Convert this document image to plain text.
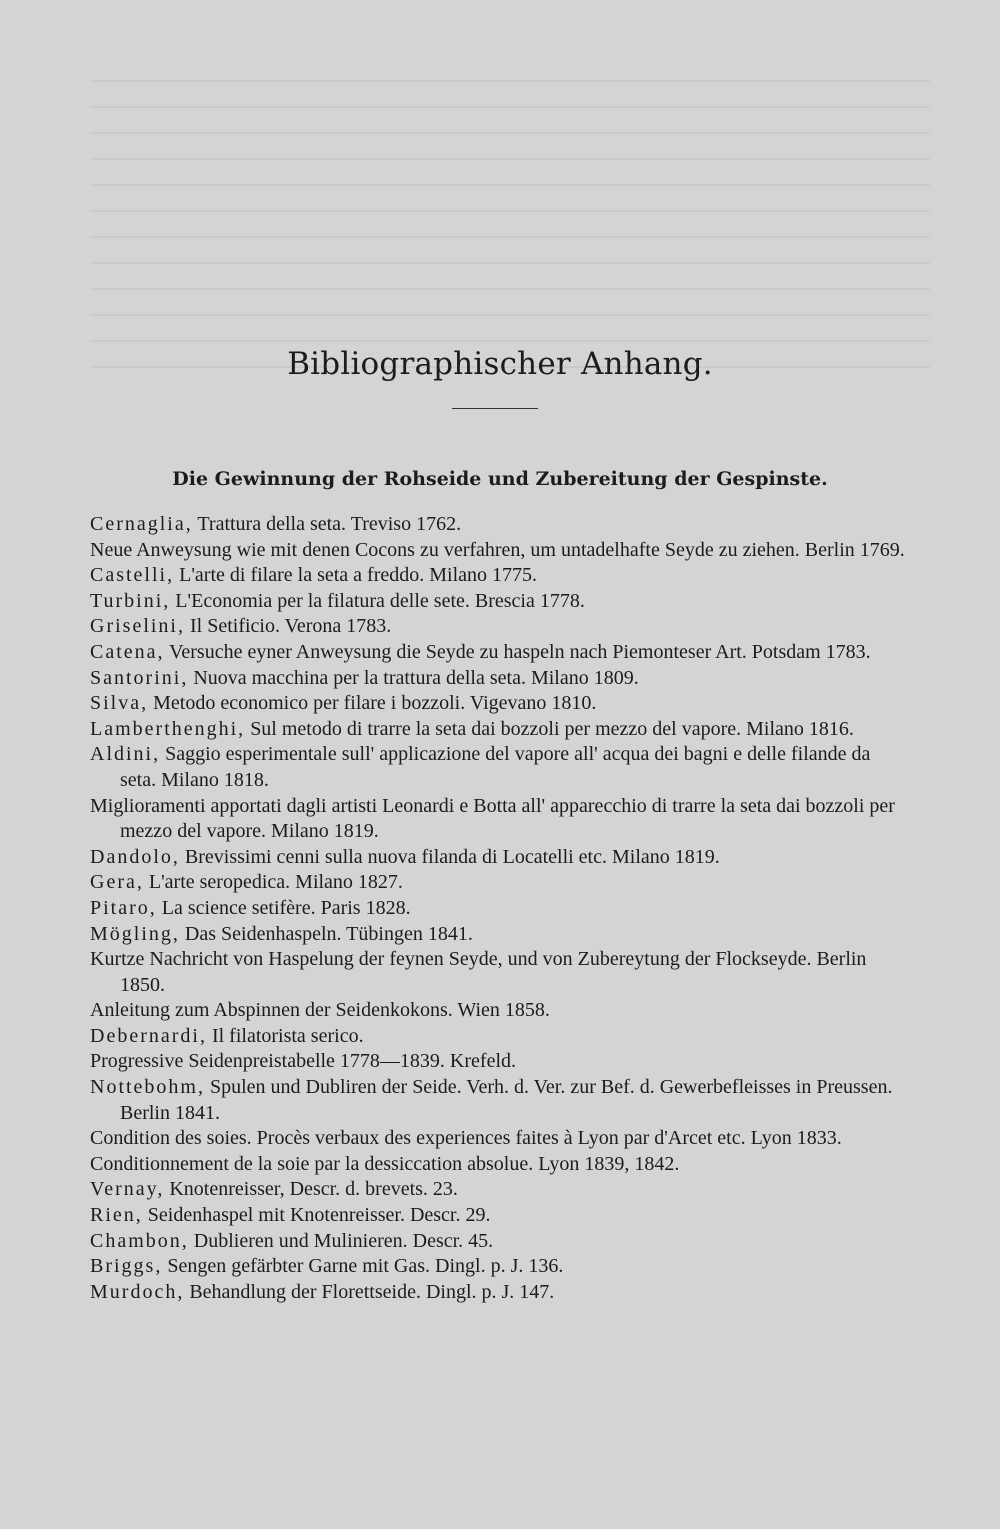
Bibliographischer Anhang.
Die Gewinnung der Rohseide und Zubereitung der Gespinste.
Cernaglia, Trattura della seta. Treviso 1762.
Neue Anweysung wie mit denen Cocons zu verfahren, um untadelhafte Seyde zu ziehen. Berlin 1769.
Castelli, L'arte di filare la seta a freddo. Milano 1775.
Turbini, L'Economia per la filatura delle sete. Brescia 1778.
Griselini, Il Setificio. Verona 1783.
Catena, Versuche eyner Anweysung die Seyde zu haspeln nach Piemonteser Art. Potsdam 1783.
Santorini, Nuova macchina per la trattura della seta. Milano 1809.
Silva, Metodo economico per filare i bozzoli. Vigevano 1810.
Lamberthenghi, Sul metodo di trarre la seta dai bozzoli per mezzo del vapore. Milano 1816.
Aldini, Saggio esperimentale sull' applicazione del vapore all' acqua dei bagni e delle filande da seta. Milano 1818.
Miglioramenti apportati dagli artisti Leonardi e Botta all' apparecchio di trarre la seta dai bozzoli per mezzo del vapore. Milano 1819.
Dandolo, Brevissimi cenni sulla nuova filanda di Locatelli etc. Milano 1819.
Gera, L'arte seropedica. Milano 1827.
Pitaro, La science setifère. Paris 1828.
Mögling, Das Seidenhaspeln. Tübingen 1841.
Kurtze Nachricht von Haspelung der feynen Seyde, und von Zubereytung der Flockseyde. Berlin 1850.
Anleitung zum Abspinnen der Seidenkokons. Wien 1858.
Debernardi, Il filatorista serico.
Progressive Seidenpreistabelle 1778—1839. Krefeld.
Nottebohm, Spulen und Dubliren der Seide. Verh. d. Ver. zur Bef. d. Gewerbefleisses in Preussen. Berlin 1841.
Condition des soies. Procès verbaux des experiences faites à Lyon par d'Arcet etc. Lyon 1833.
Conditionnement de la soie par la dessiccation absolue. Lyon 1839, 1842.
Vernay, Knotenreisser, Descr. d. brevets. 23.
Rien, Seidenhaspel mit Knotenreisser. Descr. 29.
Chambon, Dublieren und Mulinieren. Descr. 45.
Briggs, Sengen gefärbter Garne mit Gas. Dingl. p. J. 136.
Murdoch, Behandlung der Florettseide. Dingl. p. J. 147.
